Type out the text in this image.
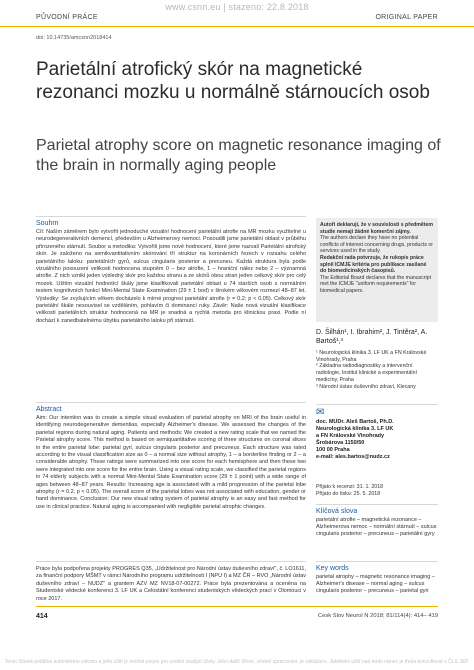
www.csnn.eu | stazeno: 22.8.2018
PŮVODNÍ PRÁCE	ORIGINAL PAPER
doi: 10.14735/amcsnn2018414
Parietální atrofický skór na magnetické rezonanci mozku u normálně stárnoucích osob
Parietal atrophy score on magnetic resonance imaging of the brain in normally aging people
Souhrn
Cíl: Naším záměrem bylo vytvořit jednoduché vizuální hodnocení parietální atrofie na MR mozku využitelné u neurodegenerativních demencí, především u Alzheimerovy nemoci. Posoudili jsme parietální oblast v průběhu přirozeného stárnutí. Soubor a metodika: Vytvořili jsme nové hodnocení, které jsme nazvali Parietální atrofický skór. Je založeno na semikvantitativním skórování tří struktur na koronárních řezech v rozsahu celého parietálního laloku: parietálních gyrů, sulcus cingularis posterior a precuneu. Každá struktura byla podle vizuálního posouzení velikosti hodnocena stupněm 0 – bez atrofie, 1 – hraniční nález nebo 2 – významná atrofie. Z nich vznikl jeden výsledný skór pro každou stranu a ze skórů obou stran jeden celkový skór pro celý mozek. Užitím vizuální hodnotící škály jsme klasifikovali parietální oblast u 74 starších osob s normálním testem kognitivních funkcí Mini-Mental State Examination (29 ± 1 bod) v širokém věkovém rozmezí 48–87 let. Výsledky: Se zvyšujícím věkem docházelo k mírné progresi parietální atrofie (r = 0,2; p < 0,05). Celkový skór parietální škále nesouvisel se vzděláním, pohlavím či dominancí ruky. Závěr: Naše nová vizuální klasifikace velikosti parietálních struktur hodnocená na MR je snadná a rychlá metoda pro klinickou praxi. Podle ní dochází k zanedbatelnému úbytku parietálního laloku při stárnutí.
Abstract
Aim: Our intention was to create a simple visual evaluation of parietal atrophy on MRI of the brain useful in identifying neurodegenerative dementias, especially Alzheimer's disease. We assessed the changes of the parietal regions during natural aging. Patients and methods: We created a new rating scale that we named the Parietal atrophy score. This method is based on semiquantitative scoring of three structures on coronal slices in the entire parietal lobe: parietal gyri, sulcus cingularis posterior and precuneus. Each structure was rated according to the visual classification size as 0 – a normal size without atrophy, 1 – a borderline finding or 2 – a considerable atrophy. These ratings were summarized into one score for each hemisphere and then these two were integrated into one score for the entire brain. Using a visual rating scale, we classified the parietal regions in 74 elderly subjects with a normal Mini-Mental State Examination score (29 ± 1 point) with a wide range of ages between 48–87 years. Results: Increasing age is associated with a mild progression of the parietal lobe atrophy (r = 0.2, p < 0.05). The overall score of the parietal lobes was not associated with education, gender or hand dominance. Conclusion: Our new visual rating system of parietal atrophy is an easy and fast method for use in clinical practice. Natural aging is accompanied with negligible parietal atrophic changes.
Práce byla podpořena projekty PROGRES Q35, „Udržitelnost pro Národní ústav duševního zdraví", č. LO1611, za finanční podpory MŠMT v rámci Národního programu udržitelnosti I (NPU I) a MZ ČR – RVO „Národní ústav duševního zdraví – NUDZ" a grantem AZV MZ NV18-07-00272. Práce byla prezentována a oceněna na Studentské vědecké konferenci 3. LF UK a Celostátní konferenci studentských vědeckých prací v Olomouci v roce 2017.
Autoři deklarují, že v souvislosti s předmětem studie nemají žádné komerční zájmy.
The authors declare they have no potential conflicts of interest concerning drugs, products or services used in the study.
Redakční rada potvrzuje, že rukopis práce splnil ICMJE kritéria pro publikace zasílané do biomedicínských časopisů.
The Editorial Board declares that the manuscript met the ICMJE "uniform requirements" for biomedical papers.
D. Šilhán¹, I. Ibrahim², J. Tintěra², A. Bartoš¹,³
¹ Neurologická klinika 3. LF UK a FN Královské Vinohrady, Praha
² Základna radiodiagnostiky a intervenční radiologie, Institut klinické a experimentální medicíny, Praha
³ Národní ústav duševního zdraví, Klecany
✉
doc. MUDr. Aleš Bartoš, Ph.D.
Neurologická klinika 3. LF UK
a FN Královské Vinohrady
Šrobárova 1150/50
100 00 Praha
e-mail: ales.bartos@nudz.cz
Přijato k recenzi: 31. 1. 2018
Přijato do tisku: 25. 5. 2018
Klíčová slova
parietální atrofie – magnetická rezonance – Alzheimerova nemoc – normální stárnutí – sulcus cingularis posterior – precuneus – parietální gyry
Key words
parietal atrophy – magnetic resonance imaging – Alzheimer's disease – normal aging – sulcus cingularis posterior – precuneus – parietal gyri
414	Cesk Slov Neurol N 2018; 81/114(4): 414– 419
Tento článek podléhá autorskému zákonu a jeho užití je možné pouze pro osobní studijní účely. Jeho další šíření, včetně zpracování, je zakázáno. Jakékoliv užití nad tento rámec je třeba konzultovat s ČLS JEP.
